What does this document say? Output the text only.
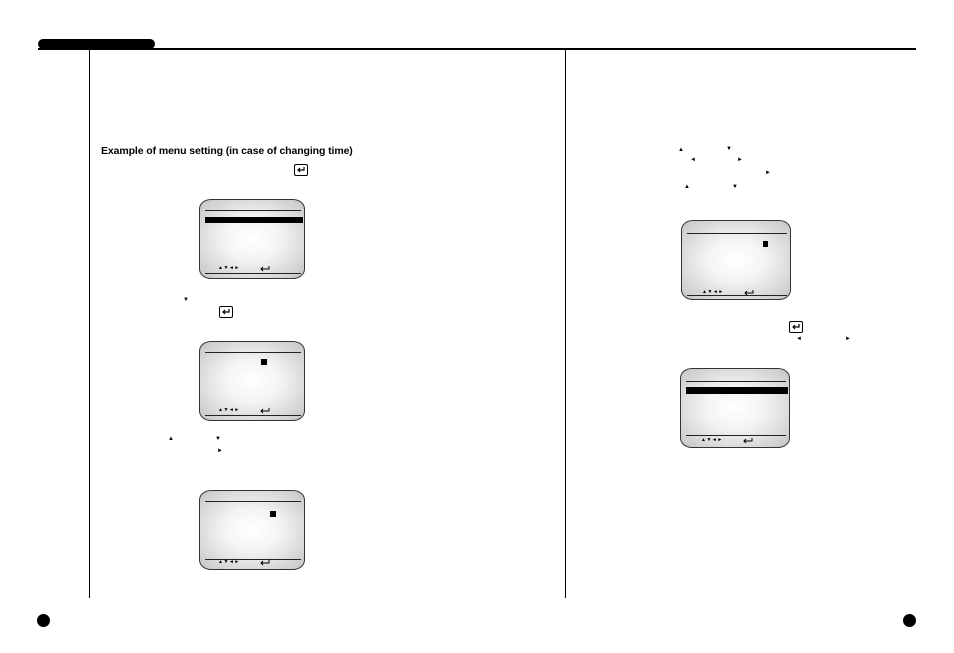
Example of menu setting (in case of changing time)
▲▼◄►
▼
▲▼◄►
▲	▼
►
▲▼◄►
▲	▼
◄	►
►
▲	▼
▲▼◄►
◄	►
▲▼◄►
